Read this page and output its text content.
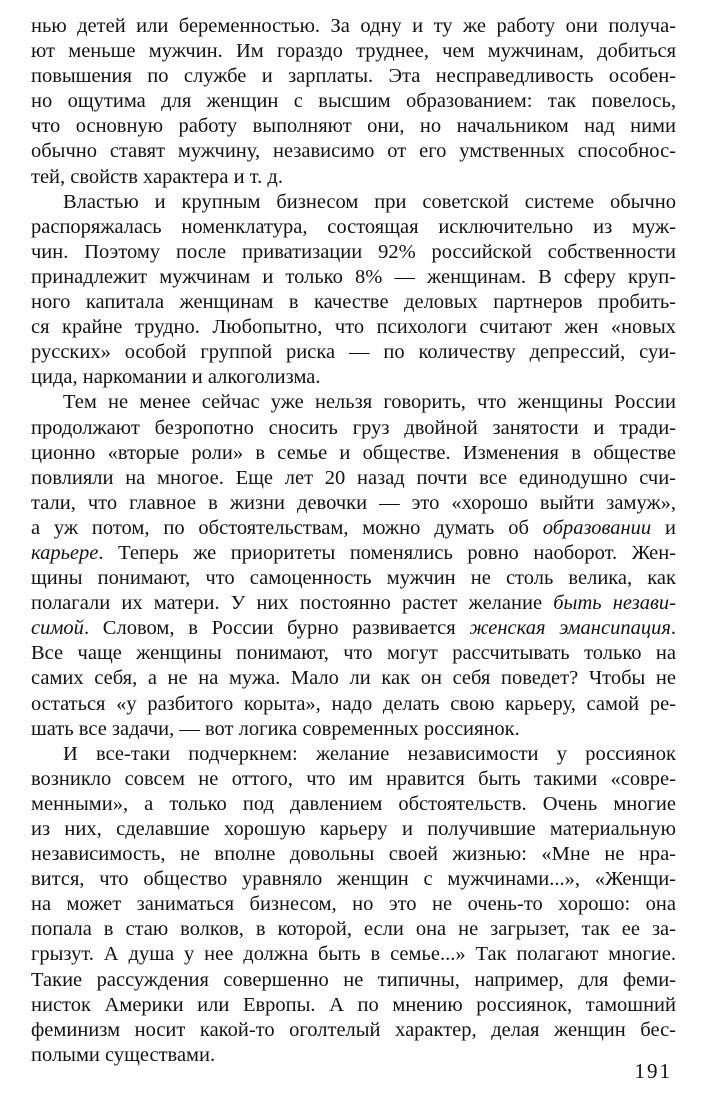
нью детей или беременностью. За одну и ту же работу они получа-
ют меньше мужчин. Им гораздо труднее, чем мужчинам, добиться
повышения по службе и зарплаты. Эта несправедливость особен-
но ощутима для женщин с высшим образованием: так повелось,
что основную работу выполняют они, но начальником над ними
обычно ставят мужчину, независимо от его умственных способнос-
тей, свойств характера и т. д.
Властью и крупным бизнесом при советской системе обычно
распоряжалась номенклатура, состоящая исключительно из муж-
чин. Поэтому после приватизации 92% российской собственности
принадлежит мужчинам и только 8% — женщинам. В сферу круп-
ного капитала женщинам в качестве деловых партнеров пробить-
ся крайне трудно. Любопытно, что психологи считают жен «новых
русских» особой группой риска — по количеству депрессий, суи-
цида, наркомании и алкоголизма.
Тем не менее сейчас уже нельзя говорить, что женщины России
продолжают безропотно сносить груз двойной занятости и тради-
ционно «вторые роли» в семье и обществе. Изменения в обществе
повлияли на многое. Еще лет 20 назад почти все единодушно счи-
тали, что главное в жизни девочки — это «хорошо выйти замуж»,
а уж потом, по обстоятельствам, можно думать об образовании и
карьере. Теперь же приоритеты поменялись ровно наоборот. Жен-
щины понимают, что самоценность мужчин не столь велика, как
полагали их матери. У них постоянно растет желание быть незави-
симой. Словом, в России бурно развивается женская эмансипация.
Все чаще женщины понимают, что могут рассчитывать только на
самих себя, а не на мужа. Мало ли как он себя поведет? Чтобы не
остаться «у разбитого корыта», надо делать свою карьеру, самой ре-
шать все задачи, — вот логика современных россиянок.
И все-таки подчеркнем: желание независимости у россиянок
возникло совсем не оттого, что им нравится быть такими «совре-
менными», а только под давлением обстоятельств. Очень многие
из них, сделавшие хорошую карьеру и получившие материальную
независимость, не вполне довольны своей жизнью: «Мне не нра-
вится, что общество уравняло женщин с мужчинами...», «Женщи-
на может заниматься бизнесом, но это не очень-то хорошо: она
попала в стаю волков, в которой, если она не загрызет, так ее за-
грызут. А душа у нее должна быть в семье...» Так полагают многие.
Такие рассуждения совершенно не типичны, например, для феми-
нисток Америки или Европы. А по мнению россиянок, тамошний
феминизм носит какой-то оголтелый характер, делая женщин бес-
полыми существами.
191
